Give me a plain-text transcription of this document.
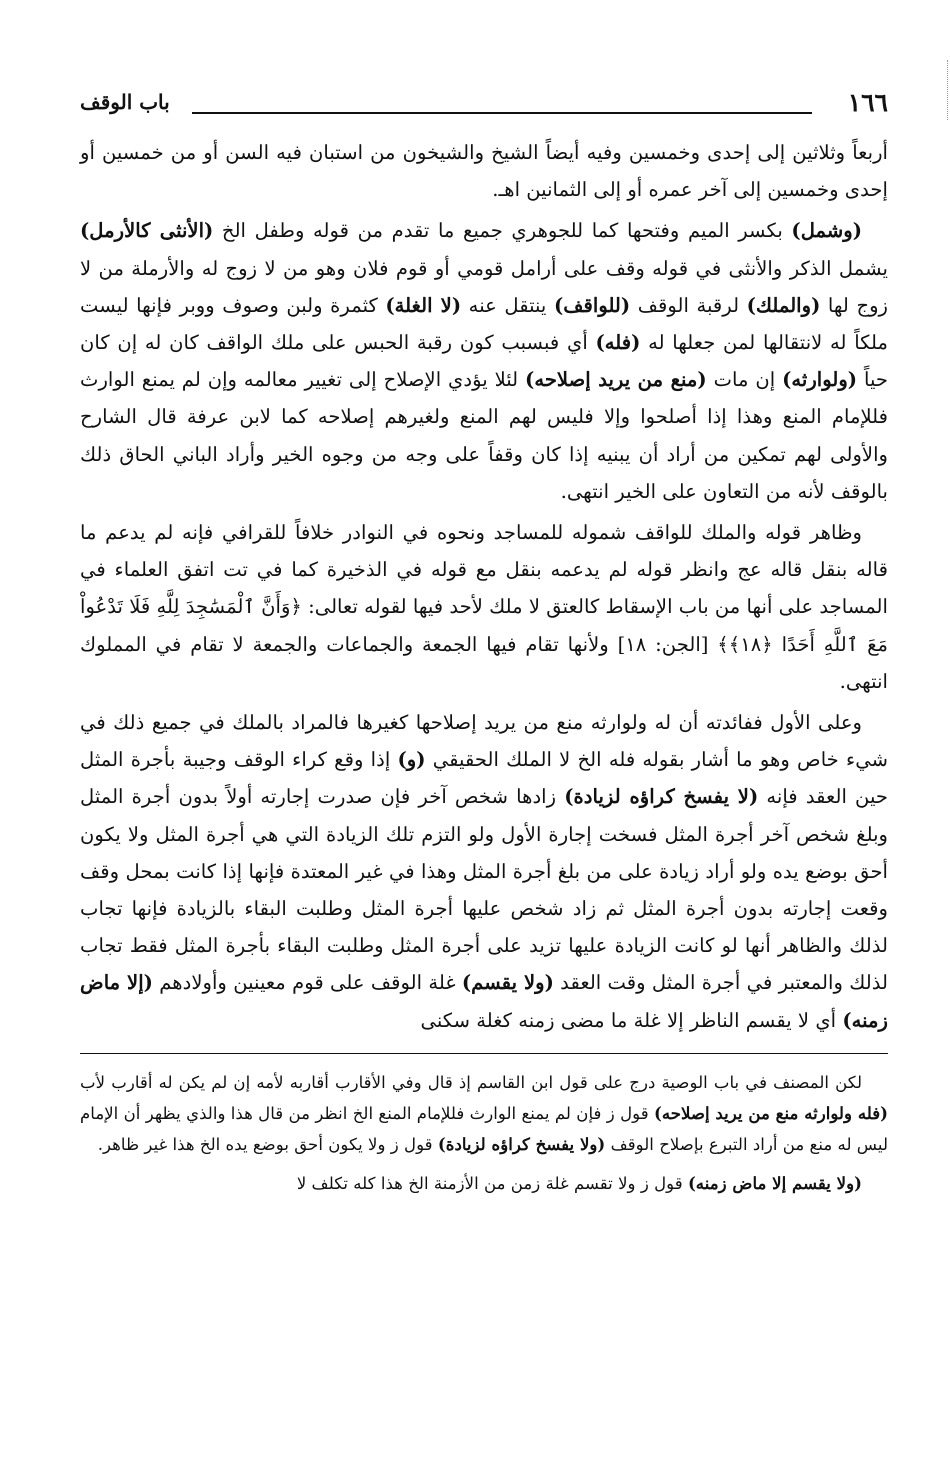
١٦٦
باب الوقف

أربعاً وثلاثين إلى إحدى وخمسين وفيه أيضاً الشيخ والشيخون من استبان فيه السن أو من خمسين أو إحدى وخمسين إلى آخر عمره أو إلى الثمانين اهـ.

(وشمل) بكسر الميم وفتحها كما للجوهري جميع ما تقدم من قوله وطفل الخ (الأنثى كالأرمل) يشمل الذكر والأنثى في قوله وقف على أرامل قومي أو قوم فلان وهو من لا زوج له والأرملة من لا زوج لها (والملك) لرقبة الوقف (للواقف) ينتقل عنه (لا الغلة) كثمرة ولبن وصوف ووبر فإنها ليست ملكاً له لانتقالها لمن جعلها له (فله) أي فبسبب كون رقبة الحبس على ملك الواقف كان له إن كان حياً (ولوارثه) إن مات (منع من يريد إصلاحه) لئلا يؤدي الإصلاح إلى تغيير معالمه وإن لم يمنع الوارث فللإمام المنع وهذا إذا أصلحوا وإلا فليس لهم المنع ولغيرهم إصلاحه كما لابن عرفة قال الشارح والأولى لهم تمكين من أراد أن يبنيه إذا كان وقفاً على وجه من وجوه الخير وأراد الباني الحاق ذلك بالوقف لأنه من التعاون على الخير انتهى.

وظاهر قوله والملك للواقف شموله للمساجد ونحوه في النوادر خلافاً للقرافي فإنه لم يدعم ما قاله بنقل قاله عج وانظر قوله لم يدعمه بنقل مع قوله في الذخيرة كما في تت اتفق العلماء في المساجد على أنها من باب الإسقاط كالعتق لا ملك لأحد فيها لقوله تعالى: ﴿وَأَنَّ ٱلْمَسَٰجِدَ لِلَّهِ فَلَا تَدْعُواْ مَعَ ٱللَّهِ أَحَدًا ﴿١٨﴾﴾ [الجن: ١٨] ولأنها تقام فيها الجمعة والجماعات والجمعة لا تقام في المملوك انتهى.

وعلى الأول ففائدته أن له ولوارثه منع من يريد إصلاحها كغيرها فالمراد بالملك في جميع ذلك في شيء خاص وهو ما أشار بقوله فله الخ لا الملك الحقيقي (و) إذا وقع كراء الوقف وجيبة بأجرة المثل حين العقد فإنه (لا يفسخ كراؤه لزيادة) زادها شخص آخر فإن صدرت إجارته أولاً بدون أجرة المثل وبلغ شخص آخر أجرة المثل فسخت إجارة الأول ولو التزم تلك الزيادة التي هي أجرة المثل ولا يكون أحق بوضع يده ولو أراد زيادة على من بلغ أجرة المثل وهذا في غير المعتدة فإنها إذا كانت بمحل وقف وقعت إجارته بدون أجرة المثل ثم زاد شخص عليها أجرة المثل وطلبت البقاء بالزيادة فإنها تجاب لذلك والظاهر أنها لو كانت الزيادة عليها تزيد على أجرة المثل وطلبت البقاء بأجرة المثل فقط تجاب لذلك والمعتبر في أجرة المثل وقت العقد (ولا يقسم) غلة الوقف على قوم معينين وأولادهم (إلا ماض زمنه) أي لا يقسم الناظر إلا غلة ما مضى زمنه كغلة سكنى

لكن المصنف في باب الوصية درج على قول ابن القاسم إذ قال وفي الأقارب أقاربه لأمه إن لم يكن له أقارب لأب (فله ولوارثه منع من يريد إصلاحه) قول ز فإن لم يمنع الوارث فللإمام المنع الخ انظر من قال هذا والذي يظهر أن الإمام ليس له منع من أراد التبرع بإصلاح الوقف (ولا يفسخ كراؤه لزيادة) قول ز ولا يكون أحق بوضع يده الخ هذا غير ظاهر.

(ولا يقسم إلا ماض زمنه) قول ز ولا تقسم غلة زمن من الأزمنة الخ هذا كله تكلف لا
